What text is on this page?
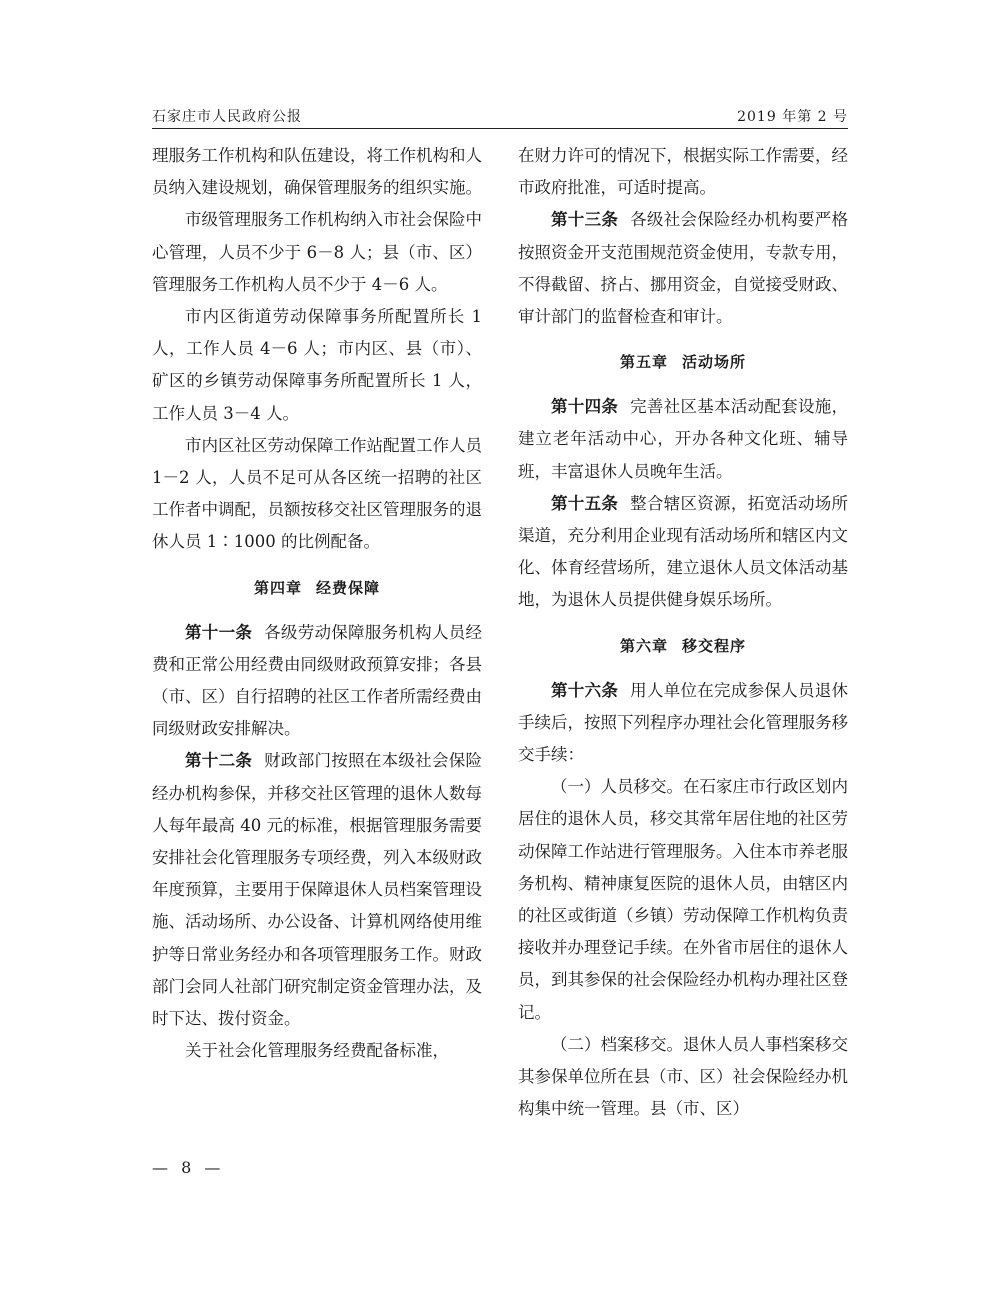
石家庄市人民政府公报	2019 年第 2 号

理服务工作机构和队伍建设，将工作机构和人员纳入建设规划，确保管理服务的组织实施。

市级管理服务工作机构纳入市社会保险中心管理，人员不少于 6－8 人；县（市、区）管理服务工作机构人员不少于 4－6 人。

市内区街道劳动保障事务所配置所长 1 人，工作人员 4－6 人；市内区、县（市）、矿区的乡镇劳动保障事务所配置所长 1 人，工作人员 3－4 人。

市内区社区劳动保障工作站配置工作人员 1－2 人，人员不足可从各区统一招聘的社区工作者中调配，员额按移交社区管理服务的退休人员 1∶1000 的比例配备。

第四章 经费保障

第十一条 各级劳动保障服务机构人员经费和正常公用经费由同级财政预算安排；各县（市、区）自行招聘的社区工作者所需经费由同级财政安排解决。

第十二条 财政部门按照在本级社会保险经办机构参保，并移交社区管理的退休人数每人每年最高 40 元的标准，根据管理服务需要安排社会化管理服务专项经费，列入本级财政年度预算，主要用于保障退休人员档案管理设施、活动场所、办公设备、计算机网络使用维护等日常业务经办和各项管理服务工作。财政部门会同人社部门研究制定资金管理办法，及时下达、拨付资金。

关于社会化管理服务经费配备标准，

在财力许可的情况下，根据实际工作需要，经市政府批准，可适时提高。

第十三条 各级社会保险经办机构要严格按照资金开支范围规范资金使用，专款专用，不得截留、挤占、挪用资金，自觉接受财政、审计部门的监督检查和审计。

第五章 活动场所

第十四条 完善社区基本活动配套设施，建立老年活动中心，开办各种文化班、辅导班，丰富退休人员晚年生活。

第十五条 整合辖区资源，拓宽活动场所渠道，充分利用企业现有活动场所和辖区内文化、体育经营场所，建立退休人员文体活动基地，为退休人员提供健身娱乐场所。

第六章 移交程序

第十六条 用人单位在完成参保人员退休手续后，按照下列程序办理社会化管理服务移交手续：

（一）人员移交。在石家庄市行政区划内居住的退休人员，移交其常年居住地的社区劳动保障工作站进行管理服务。入住本市养老服务机构、精神康复医院的退休人员，由辖区内的社区或街道（乡镇）劳动保障工作机构负责接收并办理登记手续。在外省市居住的退休人员，到其参保的社会保险经办机构办理社区登记。

（二）档案移交。退休人员人事档案移交其参保单位所在县（市、区）社会保险经办机构集中统一管理。县（市、区）

— 8 —
